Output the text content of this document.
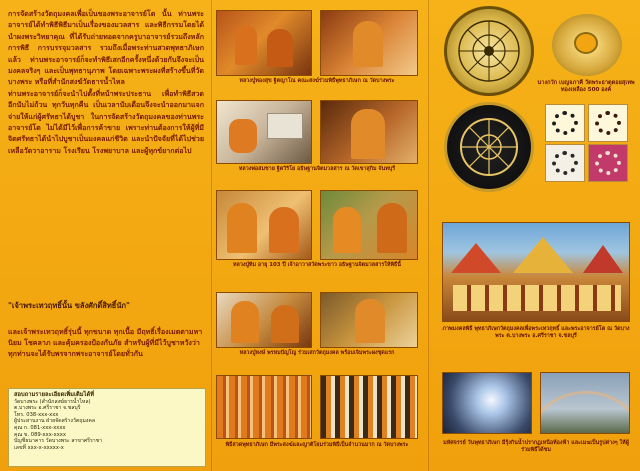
การจัดสร้างวัตถุมงคลเพื่อเป็นของพระอาจารย์โต นั้น ท่านพระอาจารย์ได้ทำพิธีพิธีมาเป็นเรื่องของมวลสาร และพิธีกรรมโดยได้นำผงพระวิทยาคุณ ที่ได้รับถ่ายทอดจากครูบาอาจารย์รวมถึงหลักการพิธี การบรรจุมวลสาร รวมถึงเมื่อพระท่านสวดพุทธาภิเษกแล้ว ท่านพระอาจารย์ก็จะทำพิธีเสกอีกครั้งหนึ่งด้วยกันจึงจะเป็นมงคลจริงๆ และเป็นพุทธานุภาพ โดยเฉพาะพระผงที่สร้างขึ้นที่วัดบางพระ หรือที่สำนักสงฆ์วัดธารน้ำไหล

ท่านพระอาจารย์ก็จะนำไปตั้งที่หน้าพระประธาน เพื่อทำพิธีสวดอีกนับไม่ถ้วน ทุกวันทุกคืน เป็นเวลานับเดือนจึงจะนำออกมาแจกจ่ายให้แก่ผู้ศรัทธาได้บูชา ในการจัดสร้างวัตถุมงคลของท่านพระอาจารย์โต ไม่ได้มีไว้เพื่อการค้าขาย เพราะท่านต้องการให้ผู้ที่มีจิตศรัทธาได้นำไปบูชาเป็นมงคลแก่ชีวิต และนำปัจจัยที่ได้ไปช่วยเหลือวัดวาอาราม โรงเรียน โรงพยาบาล และผู้ทุกข์ยากต่อไป

"เจ้าพระเทวฤทธิ์นั้น ขลังศักดิ์สิทธิ์นัก"
และเจ้าพระเทวฤทธิ์รุ่นนี้ ทุกขนาด ทุกเนื้อ มีฤทธิ์เรื่องเมตตามหานิยม โชคลาภ และคุ้มครองป้องกันภัย สำหรับผู้ที่มีไว้บูชาหวังว่าทุกท่านจะได้รับพรจากพระอาจารย์โดยทั่วกัน
สอบถามรายละเอียดเพิ่มเติมได้ที่
วัดบางพระ (สำนักสงฆ์ธารน้ำไหล)
ต.บางพระ อ.ศรีราชา จ.ชลบุรี
โทร. 038-xxx-xxx
ผู้ประสานงาน ฝ่ายจัดสร้างวัตถุมงคล
คุณ ก. 081-xxx-xxxx
คุณ ข. 089-xxx-xxxx
บัญชีธนาคาร วัดบางพระ สาขาศรีราชา
เลขที่ xxx-x-xxxxx-x
หลวงปู่ทองสุข ฐิตญาโณ คณะสงฆ์ร่วมพิธีพุทธาภิเษก ณ วัดบางพระ
หลวงพ่อสมชาย ฐิตวิริโย อธิษฐานจิตมวลสาร ณ วัดเขาสุกิม จันทบุรี
หลวงปู่ทิม อายุ 103 ปี เจ้าอาวาสวัดพระขาว อธิษฐานจิตมวลสารให้พิธีนี้
หลวงปู่หงษ์ พรหมปัญโญ ร่วมเสกวัตถุมงคล พร้อมเจิมพระผงชุดแรก
พิธีสวดพุทธาภิเษก มีพระสงฆ์และญาติโยมร่วมพิธีเป็นจำนวนมาก ณ วัดบางพระ
นางกวัก เบญจภาคี วัดพระธาตุดอยสุเทพ ทองเหลือง 500 องค์
ภาพมงคลพิธี พุทธาภิเษกวัตถุมงคลเพื่อพระเทวฤทธิ์ และพระอาจารย์โต ณ วัดบางพระ ต.บางพระ อ.ศรีราชา จ.ชลบุรี
มหัศจรรย์ วันพุทธาภิเษก มีรุ้งกินน้ำปรากฏเหนือท้องฟ้า และเมฆเป็นรูปต่างๆ ให้ผู้ร่วมพิธีได้ชม
